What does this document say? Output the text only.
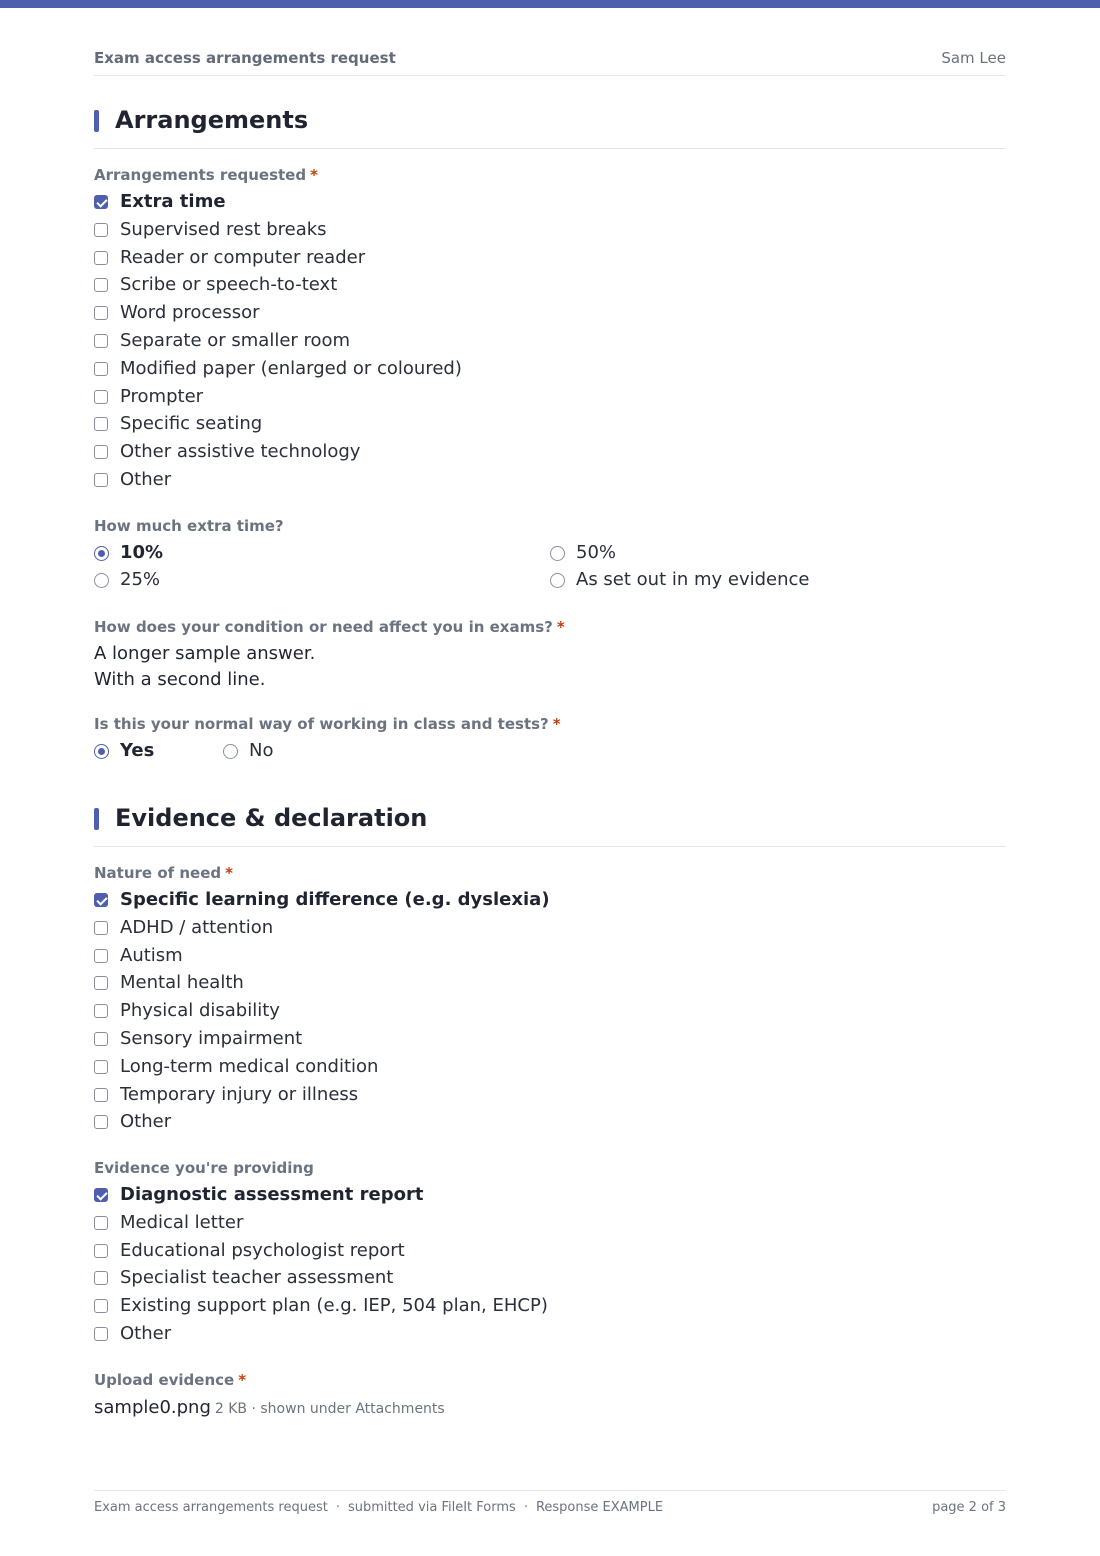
Exam access arrangements request	Sam Lee
Arrangements
Arrangements requested *
Extra time
Supervised rest breaks
Reader or computer reader
Scribe or speech-to-text
Word processor
Separate or smaller room
Modified paper (enlarged or coloured)
Prompter
Specific seating
Other assistive technology
Other
How much extra time?
10%
25%
50%
As set out in my evidence
How does your condition or need affect you in exams? *
A longer sample answer.
With a second line.
Is this your normal way of working in class and tests? *
Yes	No
Evidence & declaration
Nature of need *
Specific learning difference (e.g. dyslexia)
ADHD / attention
Autism
Mental health
Physical disability
Sensory impairment
Long-term medical condition
Temporary injury or illness
Other
Evidence you're providing
Diagnostic assessment report
Medical letter
Educational psychologist report
Specialist teacher assessment
Existing support plan (e.g. IEP, 504 plan, EHCP)
Other
Upload evidence *
sample0.png 2 KB · shown under Attachments
Exam access arrangements request · submitted via FileIt Forms · Response EXAMPLE	page 2 of 3
